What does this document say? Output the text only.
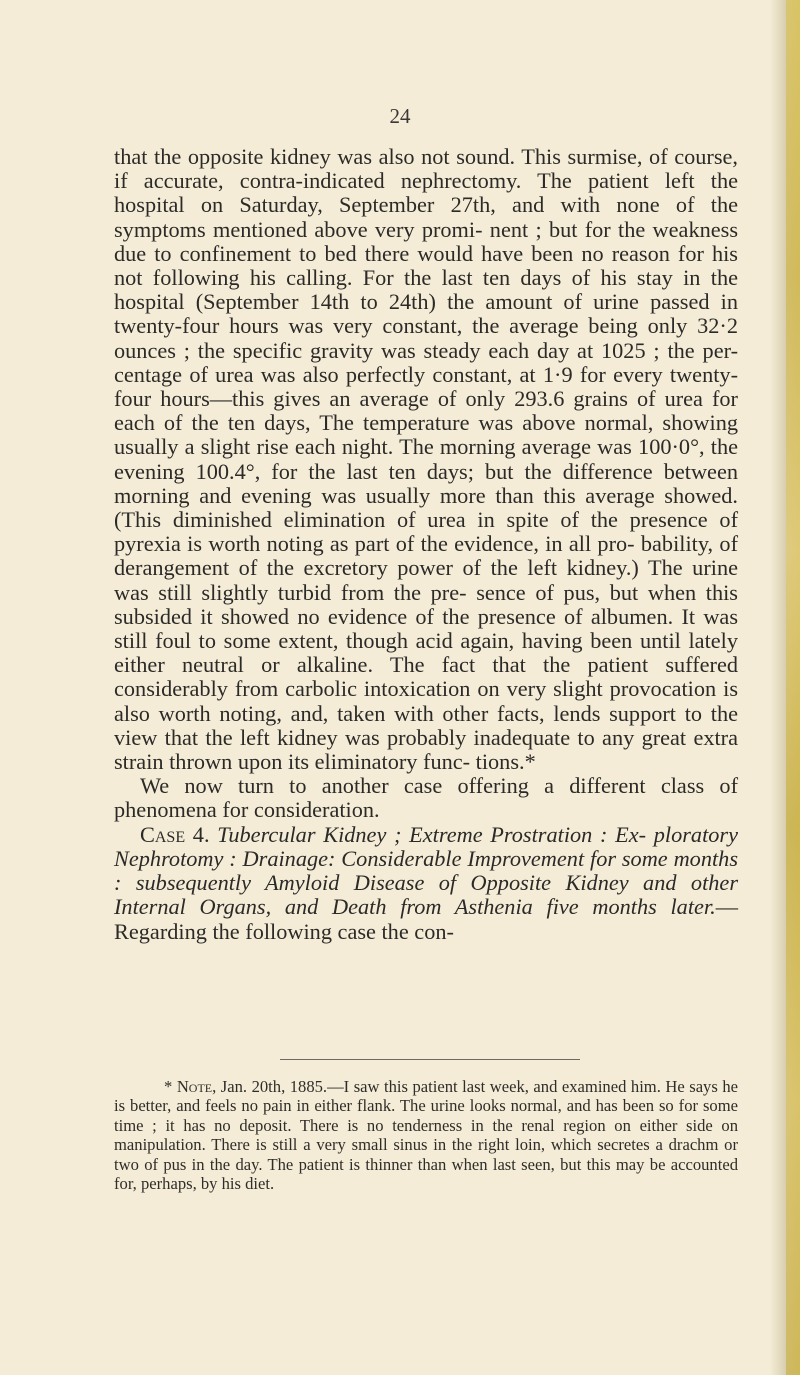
24

that the opposite kidney was also not sound. This surmise, of course, if accurate, contra-indicated nephrectomy. The patient left the hospital on Saturday, September 27th, and with none of the symptoms mentioned above very promi- nent ; but for the weakness due to confinement to bed there would have been no reason for his not following his calling. For the last ten days of his stay in the hospital (September 14th to 24th) the amount of urine passed in twenty-four hours was very constant, the average being only 32·2 ounces ; the specific gravity was steady each day at 1025 ; the per- centage of urea was also perfectly constant, at 1·9 for every twenty-four hours—this gives an average of only 293.6 grains of urea for each of the ten days, The temperature was above normal, showing usually a slight rise each night. The morning average was 100·0°, the evening 100.4°, for the last ten days; but the difference between morning and evening was usually more than this average showed. (This diminished elimination of urea in spite of the presence of pyrexia is worth noting as part of the evidence, in all pro- bability, of derangement of the excretory power of the left kidney.) The urine was still slightly turbid from the pre- sence of pus, but when this subsided it showed no evidence of the presence of albumen. It was still foul to some extent, though acid again, having been until lately either neutral or alkaline. The fact that the patient suffered considerably from carbolic intoxication on very slight provocation is also worth noting, and, taken with other facts, lends support to the view that the left kidney was probably inadequate to any great extra strain thrown upon its eliminatory func- tions.*

We now turn to another case offering a different class of phenomena for consideration.

Case 4. Tubercular Kidney ; Extreme Prostration : Ex- ploratory Nephrotomy : Drainage: Considerable Improvement for some months : subsequently Amyloid Disease of Opposite Kidney and other Internal Organs, and Death from Asthenia five months later.—Regarding the following case the con-

* Note, Jan. 20th, 1885.—I saw this patient last week, and examined him. He says he is better, and feels no pain in either flank. The urine looks normal, and has been so for some time ; it has no deposit. There is no tenderness in the renal region on either side on manipulation. There is still a very small sinus in the right loin, which secretes a drachm or two of pus in the day. The patient is thinner than when last seen, but this may be accounted for, perhaps, by his diet.
